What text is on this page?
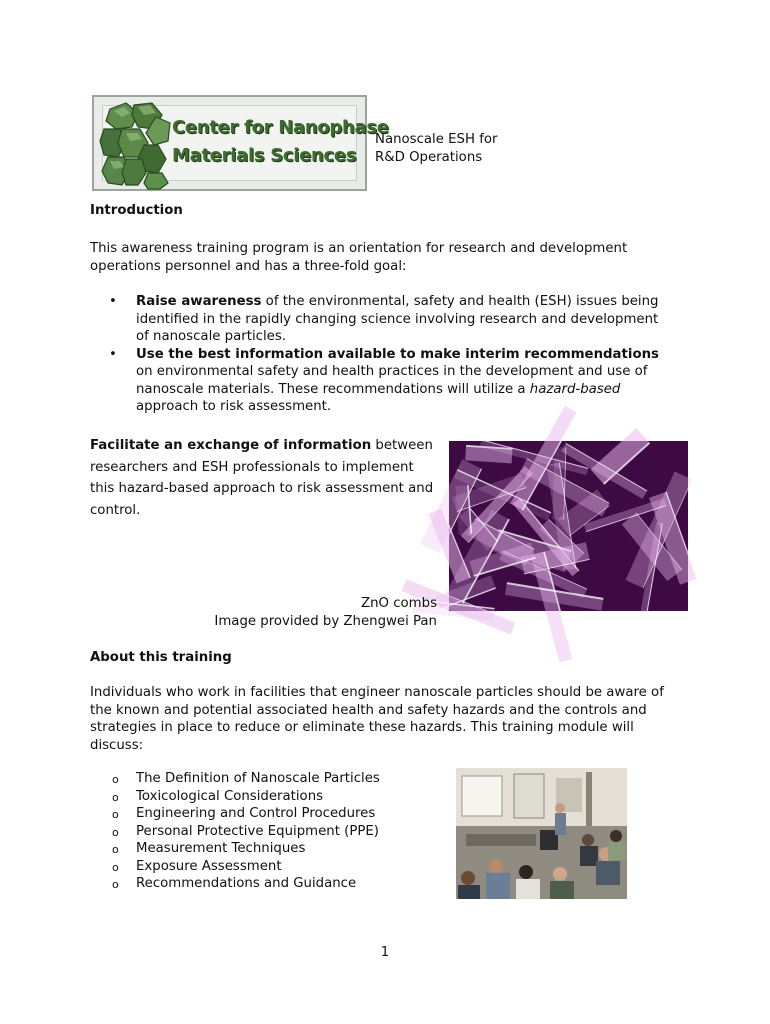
Center for Nanophase
Materials Sciences

Nanoscale ESH for

R&D Operations

Introduction

This awareness training program is an orientation for research and development operations personnel and has a three-fold goal:

• Raise awareness of the environmental, safety and health (ESH) issues being identified in the rapidly changing science involving research and development of nanoscale particles.
• Use the best information available to make interim recommendations on environmental safety and health practices in the development and use of nanoscale materials. These recommendations will utilize a hazard-based approach to risk assessment.

Facilitate an exchange of information between researchers and ESH professionals to implement this hazard-based approach to risk assessment and control.

ZnO combs

Image provided by Zhengwei Pan

About this training

Individuals who work in facilities that engineer nanoscale particles should be aware of the known and potential associated health and safety hazards and the controls and strategies in place to reduce or eliminate these hazards. This training module will discuss:

o The Definition of Nanoscale Particles
o Toxicological Considerations
o Engineering and Control Procedures
o Personal Protective Equipment (PPE)
o Measurement Techniques
o Exposure Assessment
o Recommendations and Guidance
1
